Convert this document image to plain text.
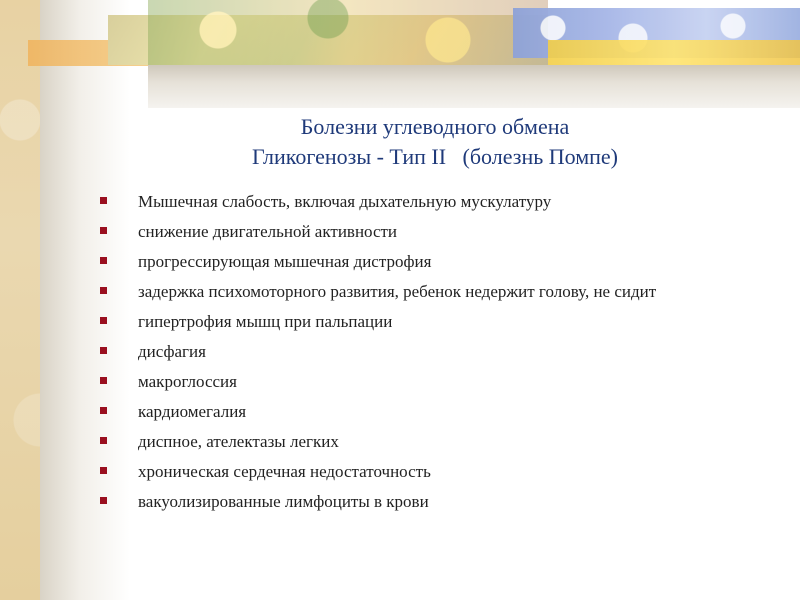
Болезни углеводного обмена
Гликогенозы - Тип II   (болезнь Помпе)
Мышечная слабость, включая дыхательную мускулатуру
снижение двигательной активности
прогрессирующая мышечная дистрофия
задержка психомоторного развития, ребенок недержит голову, не сидит
гипертрофия мышц при пальпации
дисфагия
макроглоссия
кардиомегалия
диспное, ателектазы легких
хроническая сердечная недостаточность
вакуолизированные лимфоциты в крови
